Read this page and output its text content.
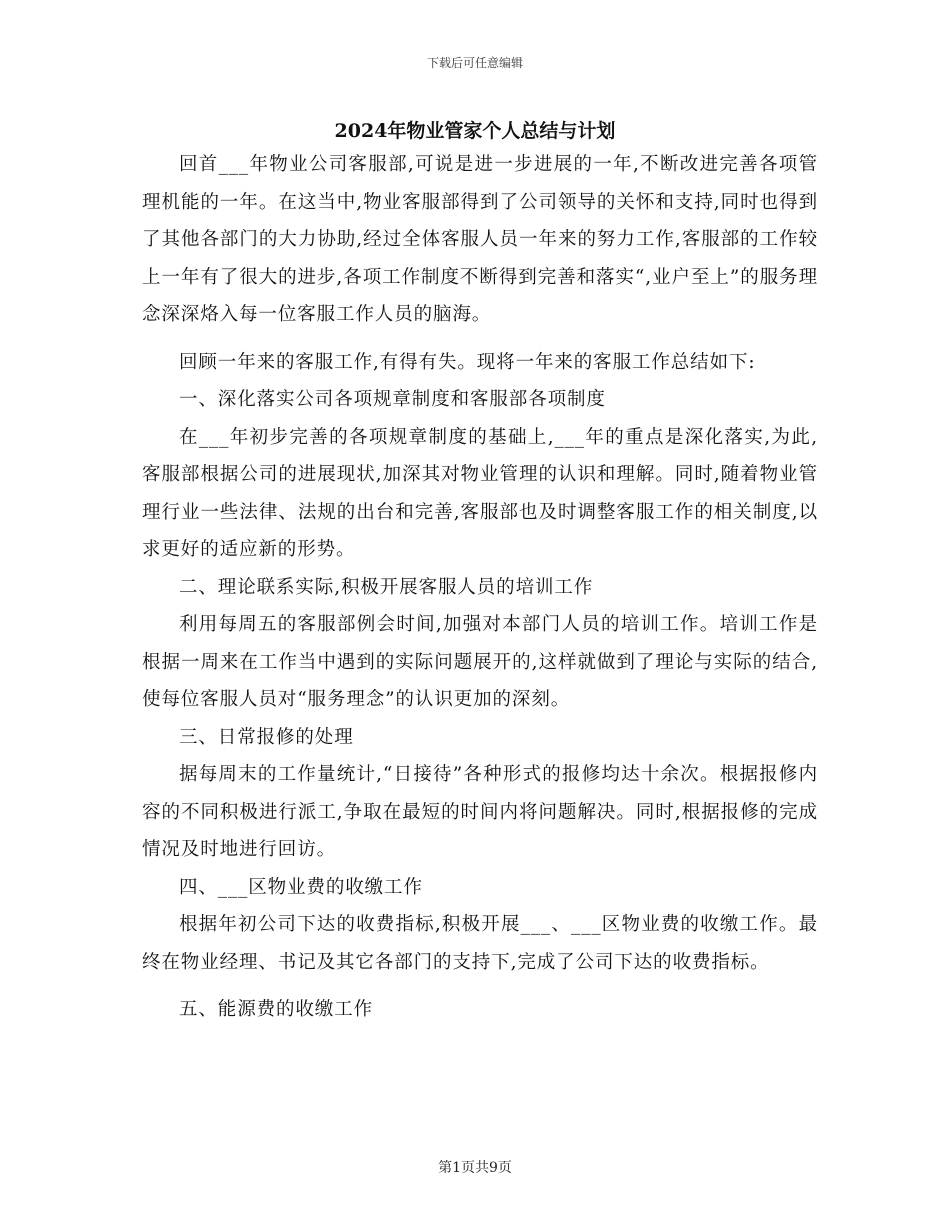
下载后可任意编辑
2024年物业管家个人总结与计划

回首___年物业公司客服部,可说是进一步进展的一年,不断改进完善各项管理机能的一年。在这当中,物业客服部得到了公司领导的关怀和支持,同时也得到了其他各部门的大力协助,经过全体客服人员一年来的努力工作,客服部的工作较上一年有了很大的进步,各项工作制度不断得到完善和落实“,业户至上”的服务理念深深烙入每一位客服工作人员的脑海。

回顾一年来的客服工作,有得有失。现将一年来的客服工作总结如下:

一、深化落实公司各项规章制度和客服部各项制度

在___年初步完善的各项规章制度的基础上,___年的重点是深化落实,为此,客服部根据公司的进展现状,加深其对物业管理的认识和理解。同时,随着物业管理行业一些法律、法规的出台和完善,客服部也及时调整客服工作的相关制度,以求更好的适应新的形势。

二、理论联系实际,积极开展客服人员的培训工作

利用每周五的客服部例会时间,加强对本部门人员的培训工作。培训工作是根据一周来在工作当中遇到的实际问题展开的,这样就做到了理论与实际的结合,使每位客服人员对“服务理念”的认识更加的深刻。

三、日常报修的处理

据每周末的工作量统计,“日接待”各种形式的报修均达十余次。根据报修内容的不同积极进行派工,争取在最短的时间内将问题解决。同时,根据报修的完成情况及时地进行回访。

四、___区物业费的收缴工作

根据年初公司下达的收费指标,积极开展___、___区物业费的收缴工作。最终在物业经理、书记及其它各部门的支持下,完成了公司下达的收费指标。

五、能源费的收缴工作

第1页共9页
